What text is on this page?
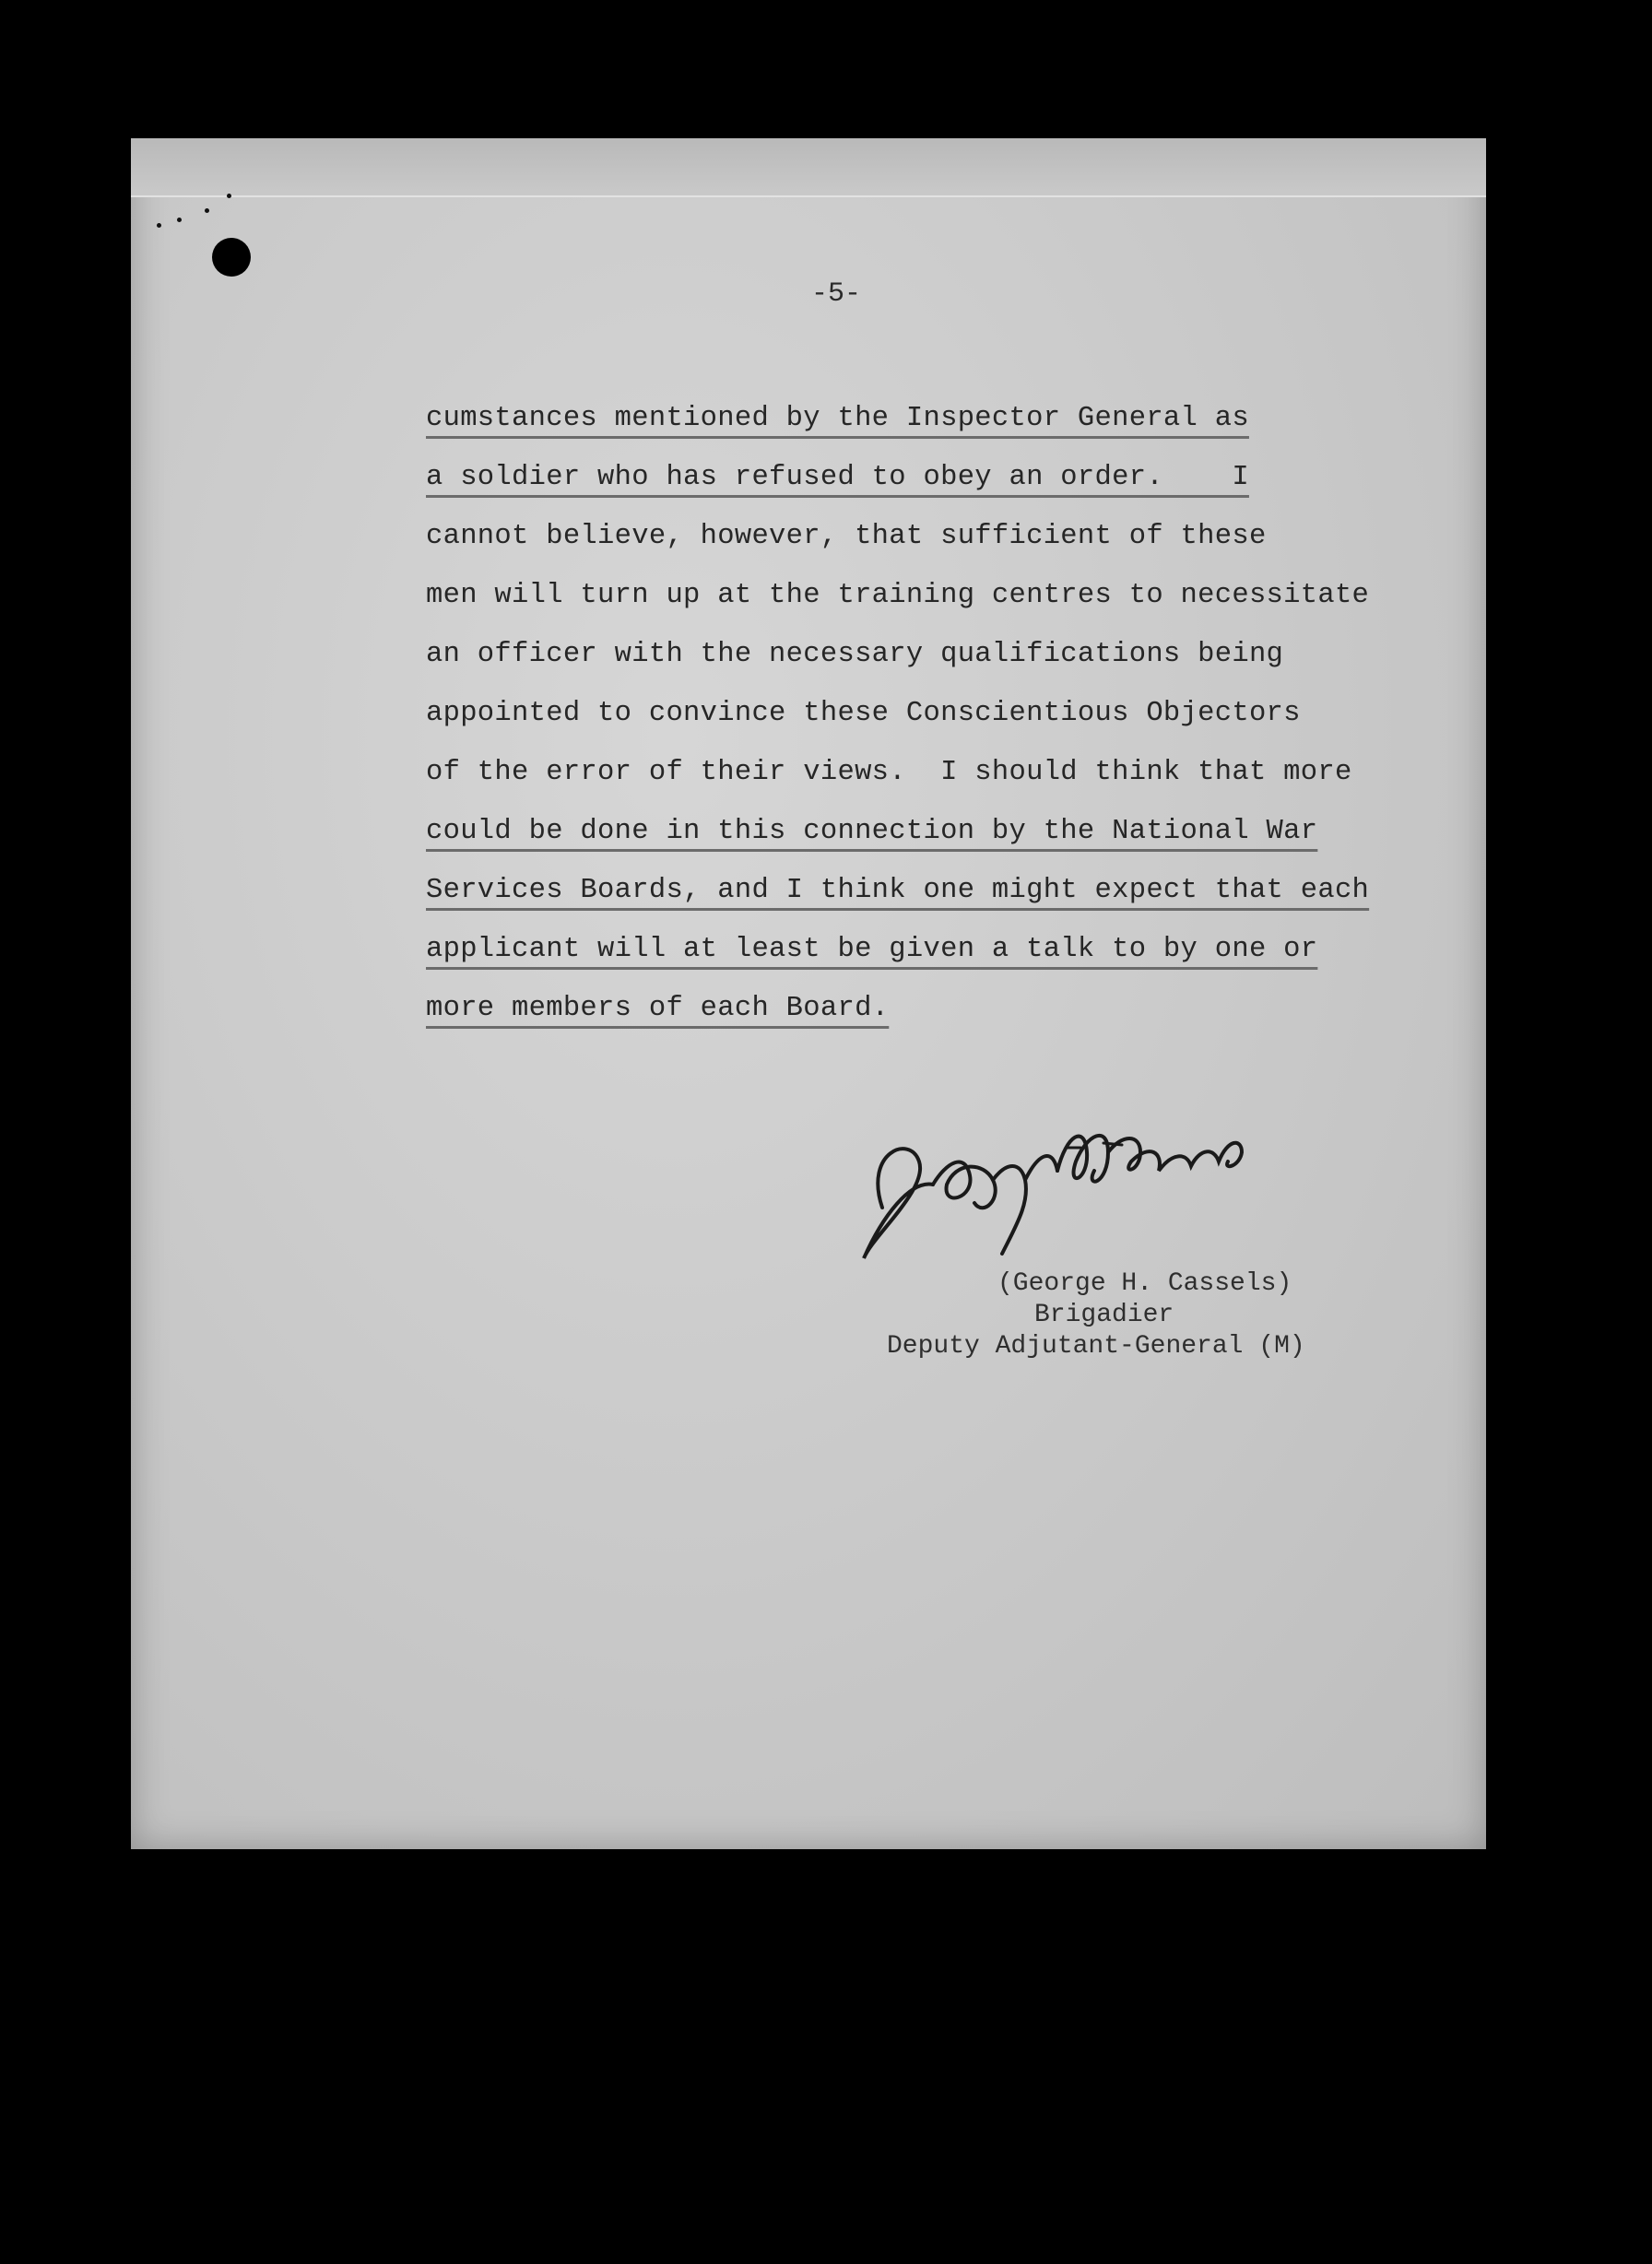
-5-
cumstances mentioned by the Inspector General as
a soldier who has refused to obey an order.    I
cannot believe, however, that sufficient of these
men will turn up at the training centres to necessitate
an officer with the necessary qualifications being
appointed to convince these Conscientious Objectors
of the error of their views.  I should think that more
could be done in this connection by the National War
Services Boards, and I think one might expect that each
applicant will at least be given a talk to by one or
more members of each Board.
(George H. Cassels)
Brigadier
Deputy Adjutant-General (M)
